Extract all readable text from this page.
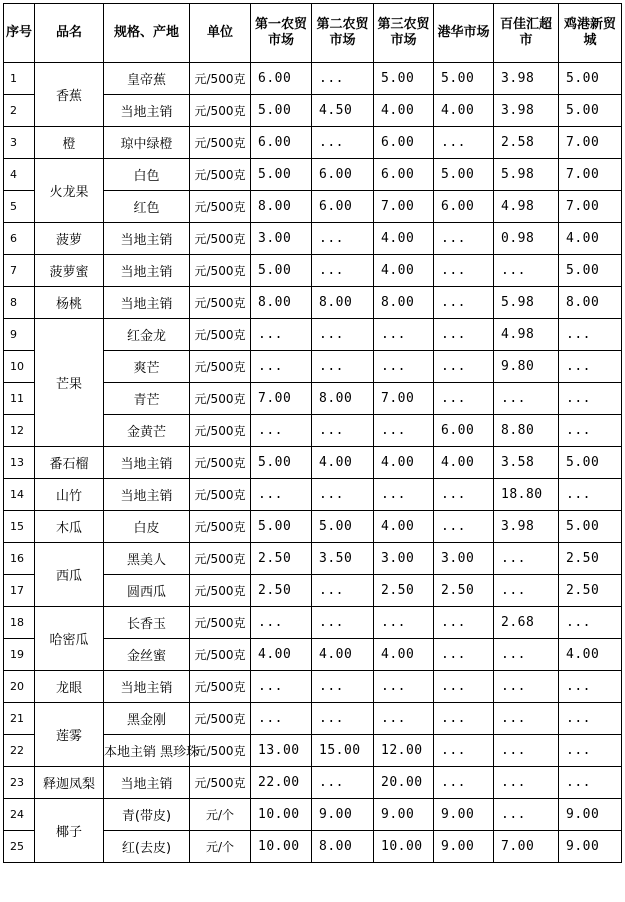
序号	品名	规格、产地	单位	第一农贸市场	第二农贸市场	第三农贸市场	港华市场	百佳汇超市	鸡港新贸城
1	香蕉	皇帝蕉	元/500克	6.00	...	5.00	5.00	3.98	5.00
2		当地主销	元/500克	5.00	4.50	4.00	4.00	3.98	5.00
3	橙	琼中绿橙	元/500克	6.00	...	6.00	...	2.58	7.00
4	火龙果	白色	元/500克	5.00	6.00	6.00	5.00	5.98	7.00
5		红色	元/500克	8.00	6.00	7.00	6.00	4.98	7.00
6	菠萝	当地主销	元/500克	3.00	...	4.00	...	0.98	4.00
7	菠萝蜜	当地主销	元/500克	5.00	...	4.00	...	...	5.00
8	杨桃	当地主销	元/500克	8.00	8.00	8.00	...	5.98	8.00
9	芒果	红金龙	元/500克	...	...	...	...	4.98	...
10		爽芒	元/500克	...	...	...	...	9.80	...
11		青芒	元/500克	7.00	8.00	7.00	...	...	...
12		金黄芒	元/500克	...	...	...	6.00	8.80	...
13	番石榴	当地主销	元/500克	5.00	4.00	4.00	4.00	3.58	5.00
14	山竹	当地主销	元/500克	...	...	...	...	18.80	...
15	木瓜	白皮	元/500克	5.00	5.00	4.00	...	3.98	5.00
16	西瓜	黑美人	元/500克	2.50	3.50	3.00	3.00	...	2.50
17		圆西瓜	元/500克	2.50	...	2.50	2.50	...	2.50
18	哈密瓜	长香玉	元/500克	...	...	...	...	2.68	...
19		金丝蜜	元/500克	4.00	4.00	4.00	...	...	4.00
20	龙眼	当地主销	元/500克	...	...	...	...	...	...
21	莲雾	黑金刚	元/500克	...	...	...	...	...	...
22		本地主销 黑珍珠	元/500克	13.00	15.00	12.00	...	...	...
23	释迦凤梨	当地主销	元/500克	22.00	...	20.00	...	...	...
24	椰子	青(带皮)	元/个	10.00	9.00	9.00	9.00	...	9.00
25		红(去皮)	元/个	10.00	8.00	10.00	9.00	7.00	9.00
